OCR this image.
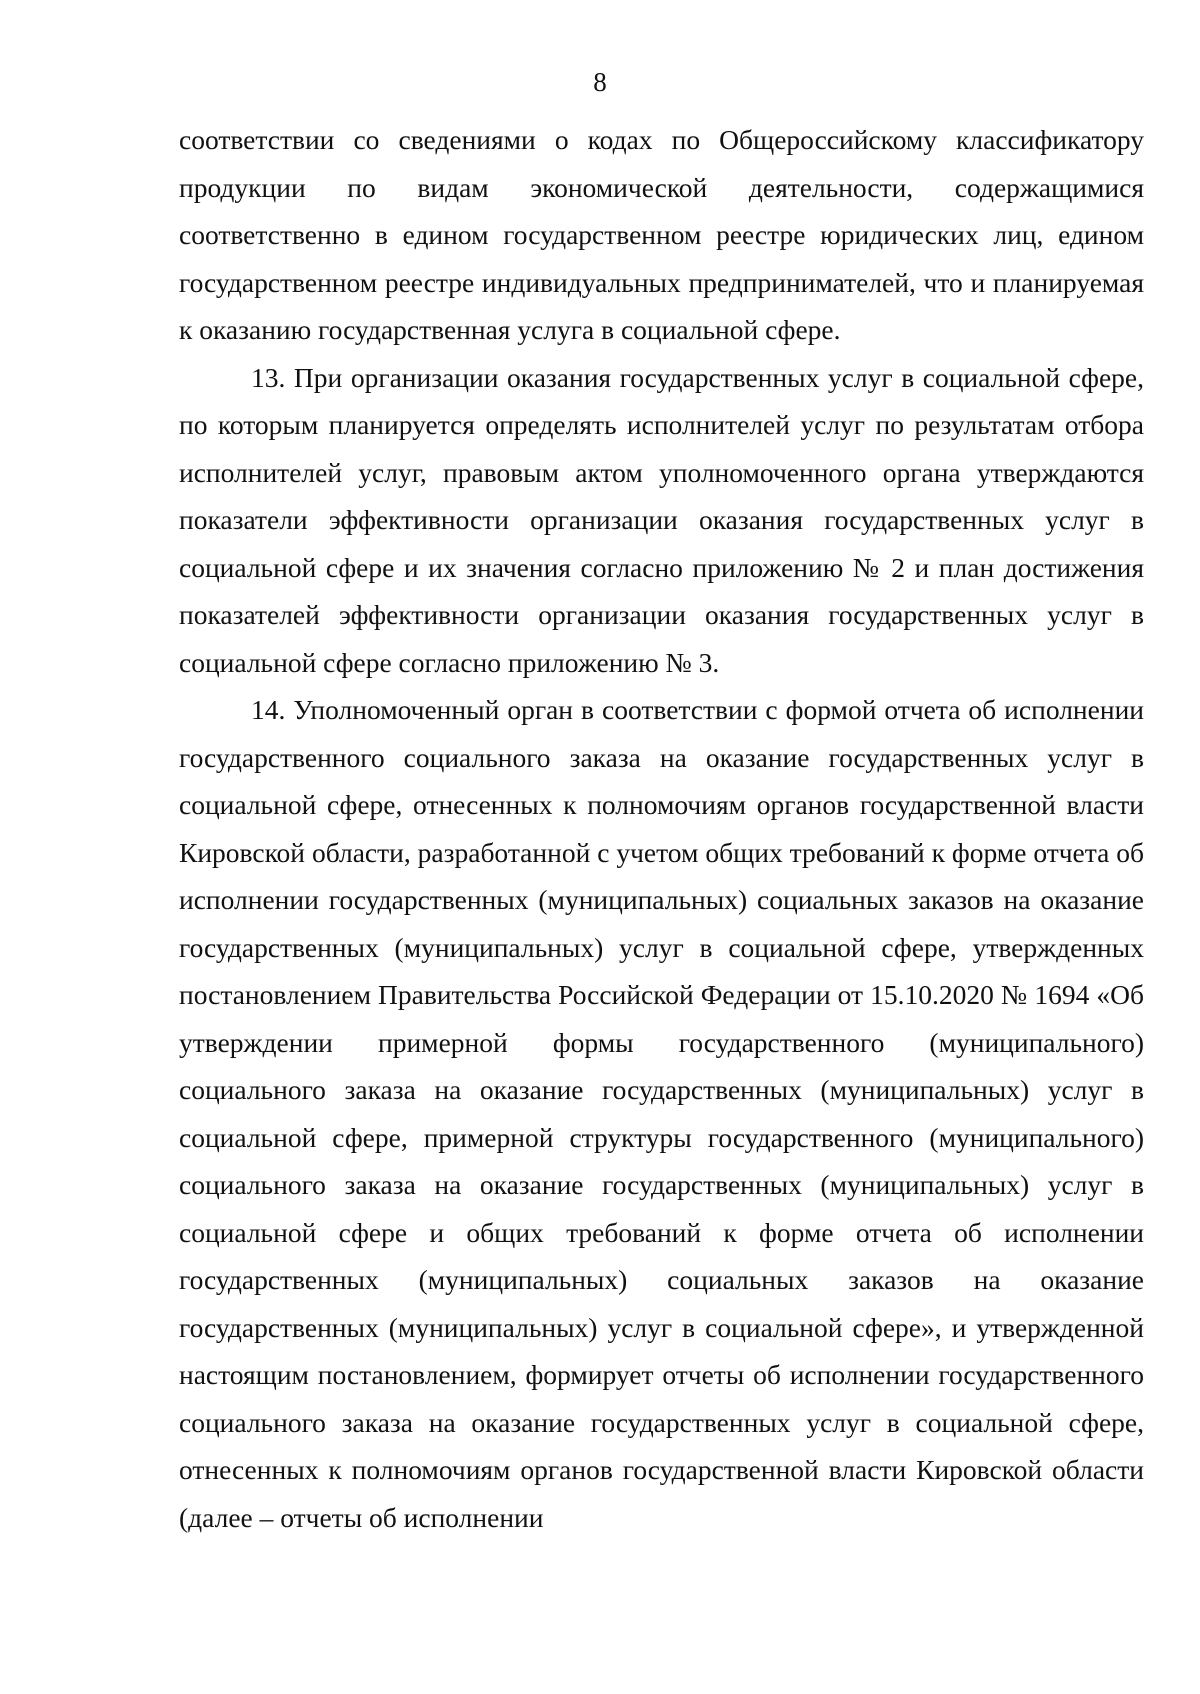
8

соответствии со сведениями о кодах по Общероссийскому классификатору продукции по видам экономической деятельности, содержащимися соответственно в едином государственном реестре юридических лиц, едином государственном реестре индивидуальных предпринимателей, что и планируемая к оказанию государственная услуга в социальной сфере.

13. При организации оказания государственных услуг в социальной сфере, по которым планируется определять исполнителей услуг по результатам отбора исполнителей услуг, правовым актом уполномоченного органа утверждаются показатели эффективности организации оказания государственных услуг в социальной сфере и их значения согласно приложению № 2 и план достижения показателей эффективности организации оказания государственных услуг в социальной сфере согласно приложению № 3.

14. Уполномоченный орган в соответствии с формой отчета об исполнении государственного социального заказа на оказание государственных услуг в социальной сфере, отнесенных к полномочиям органов государственной власти Кировской области, разработанной с учетом общих требований к форме отчета об исполнении государственных (муниципальных) социальных заказов на оказание государственных (муниципальных) услуг в социальной сфере, утвержденных постановлением Правительства Российской Федерации от 15.10.2020 № 1694 «Об утверждении примерной формы государственного (муниципального) социального заказа на оказание государственных (муниципальных) услуг в социальной сфере, примерной структуры государственного (муниципального) социального заказа на оказание государственных (муниципальных) услуг в социальной сфере и общих требований к форме отчета об исполнении государственных (муниципальных) социальных заказов на оказание государственных (муниципальных) услуг в социальной сфере», и утвержденной настоящим постановлением, формирует отчеты об исполнении государственного социального заказа на оказание государственных услуг в социальной сфере, отнесенных к полномочиям органов государственной власти Кировской области (далее – отчеты об исполнении
